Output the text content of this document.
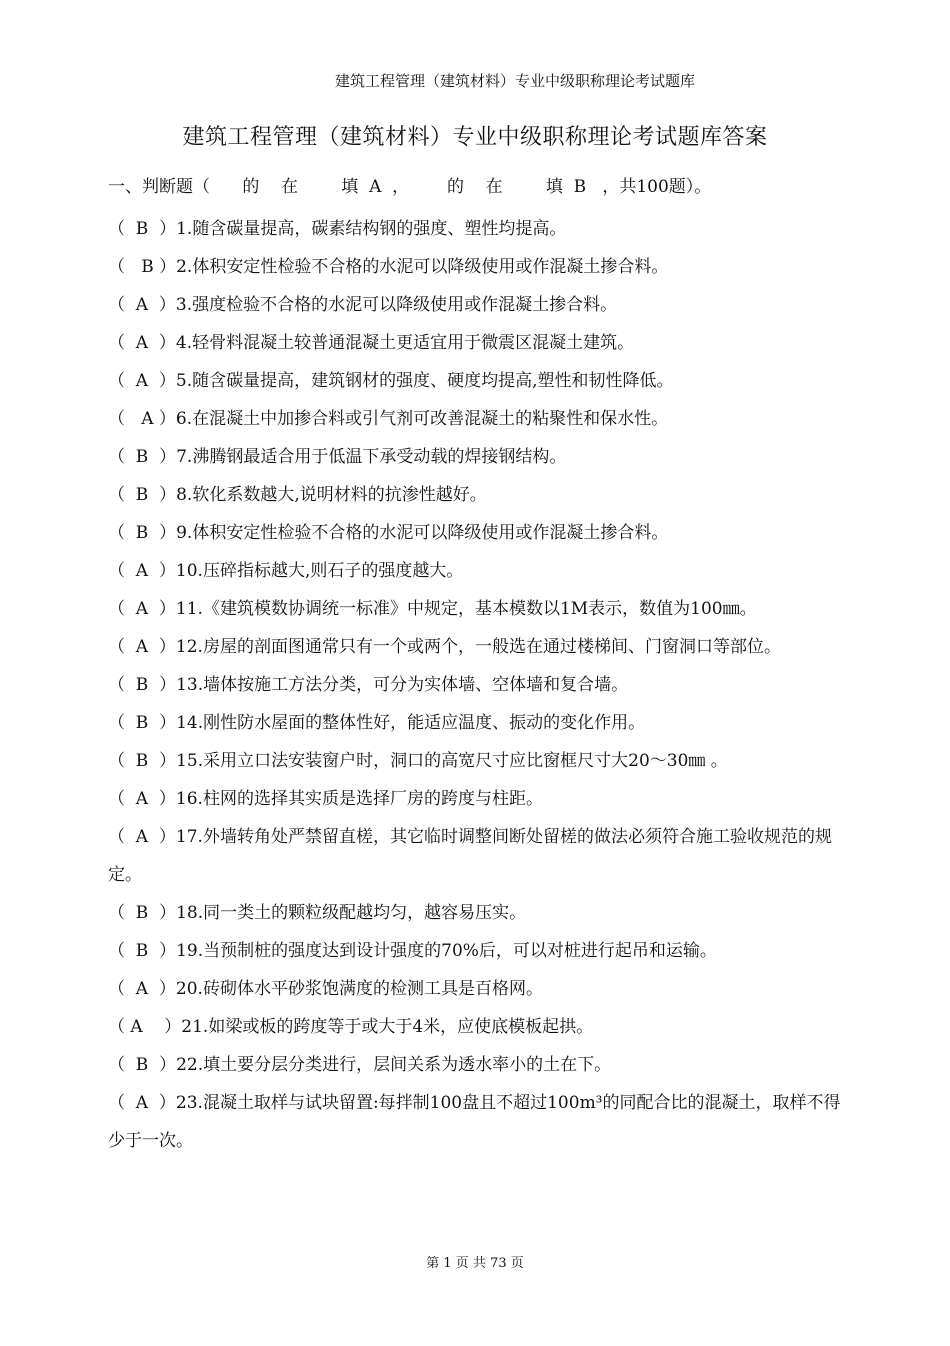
建筑工程管理（建筑材料）专业中级职称理论考试题库
建筑工程管理（建筑材料）专业中级职称理论考试题库答案
一、判断题（      的    在        填  A  ，       的    在        填  B   ，共100题）。
（  B  ）1.随含碳量提高，碳素结构钢的强度、塑性均提高。
（   B ）2.体积安定性检验不合格的水泥可以降级使用或作混凝土掺合料。
（  A  ）3.强度检验不合格的水泥可以降级使用或作混凝土掺合料。
（  A  ）4.轻骨料混凝土较普通混凝土更适宜用于微震区混凝土建筑。
（  A  ）5.随含碳量提高，建筑钢材的强度、硬度均提高,塑性和韧性降低。
（   A ）6.在混凝土中加掺合料或引气剂可改善混凝土的粘聚性和保水性。
（  B  ）7.沸腾钢最适合用于低温下承受动载的焊接钢结构。
（  B  ）8.软化系数越大,说明材料的抗渗性越好。
（  B  ）9.体积安定性检验不合格的水泥可以降级使用或作混凝土掺合料。
（  A  ）10.压碎指标越大,则石子的强度越大。
（  A  ）11.《建筑模数协调统一标准》中规定，基本模数以1M表示，数值为100㎜。
（  A  ）12.房屋的剖面图通常只有一个或两个，一般选在通过楼梯间、门窗洞口等部位。
（  B  ）13.墙体按施工方法分类，可分为实体墙、空体墙和复合墙。
（  B  ）14.刚性防水屋面的整体性好，能适应温度、振动的变化作用。
（  B  ）15.采用立口法安装窗户时，洞口的高宽尺寸应比窗框尺寸大20～30㎜ 。
（  A  ）16.柱网的选择其实质是选择厂房的跨度与柱距。
（  A  ）17.外墙转角处严禁留直槎，其它临时调整间断处留槎的做法必须符合施工验收规范的规定。
（  B  ）18.同一类土的颗粒级配越均匀，越容易压实。
（  B  ）19.当预制桩的强度达到设计强度的70%后，可以对桩进行起吊和运输。
（  A  ）20.砖砌体水平砂浆饱满度的检测工具是百格网。
（ A    ）21.如梁或板的跨度等于或大于4米，应使底模板起拱。
（  B  ）22.填土要分层分类进行，层间关系为透水率小的土在下。
（  A  ）23.混凝土取样与试块留置:每拌制100盘且不超过100m³的同配合比的混凝土，取样不得少于一次。
第 1 页 共 73 页
